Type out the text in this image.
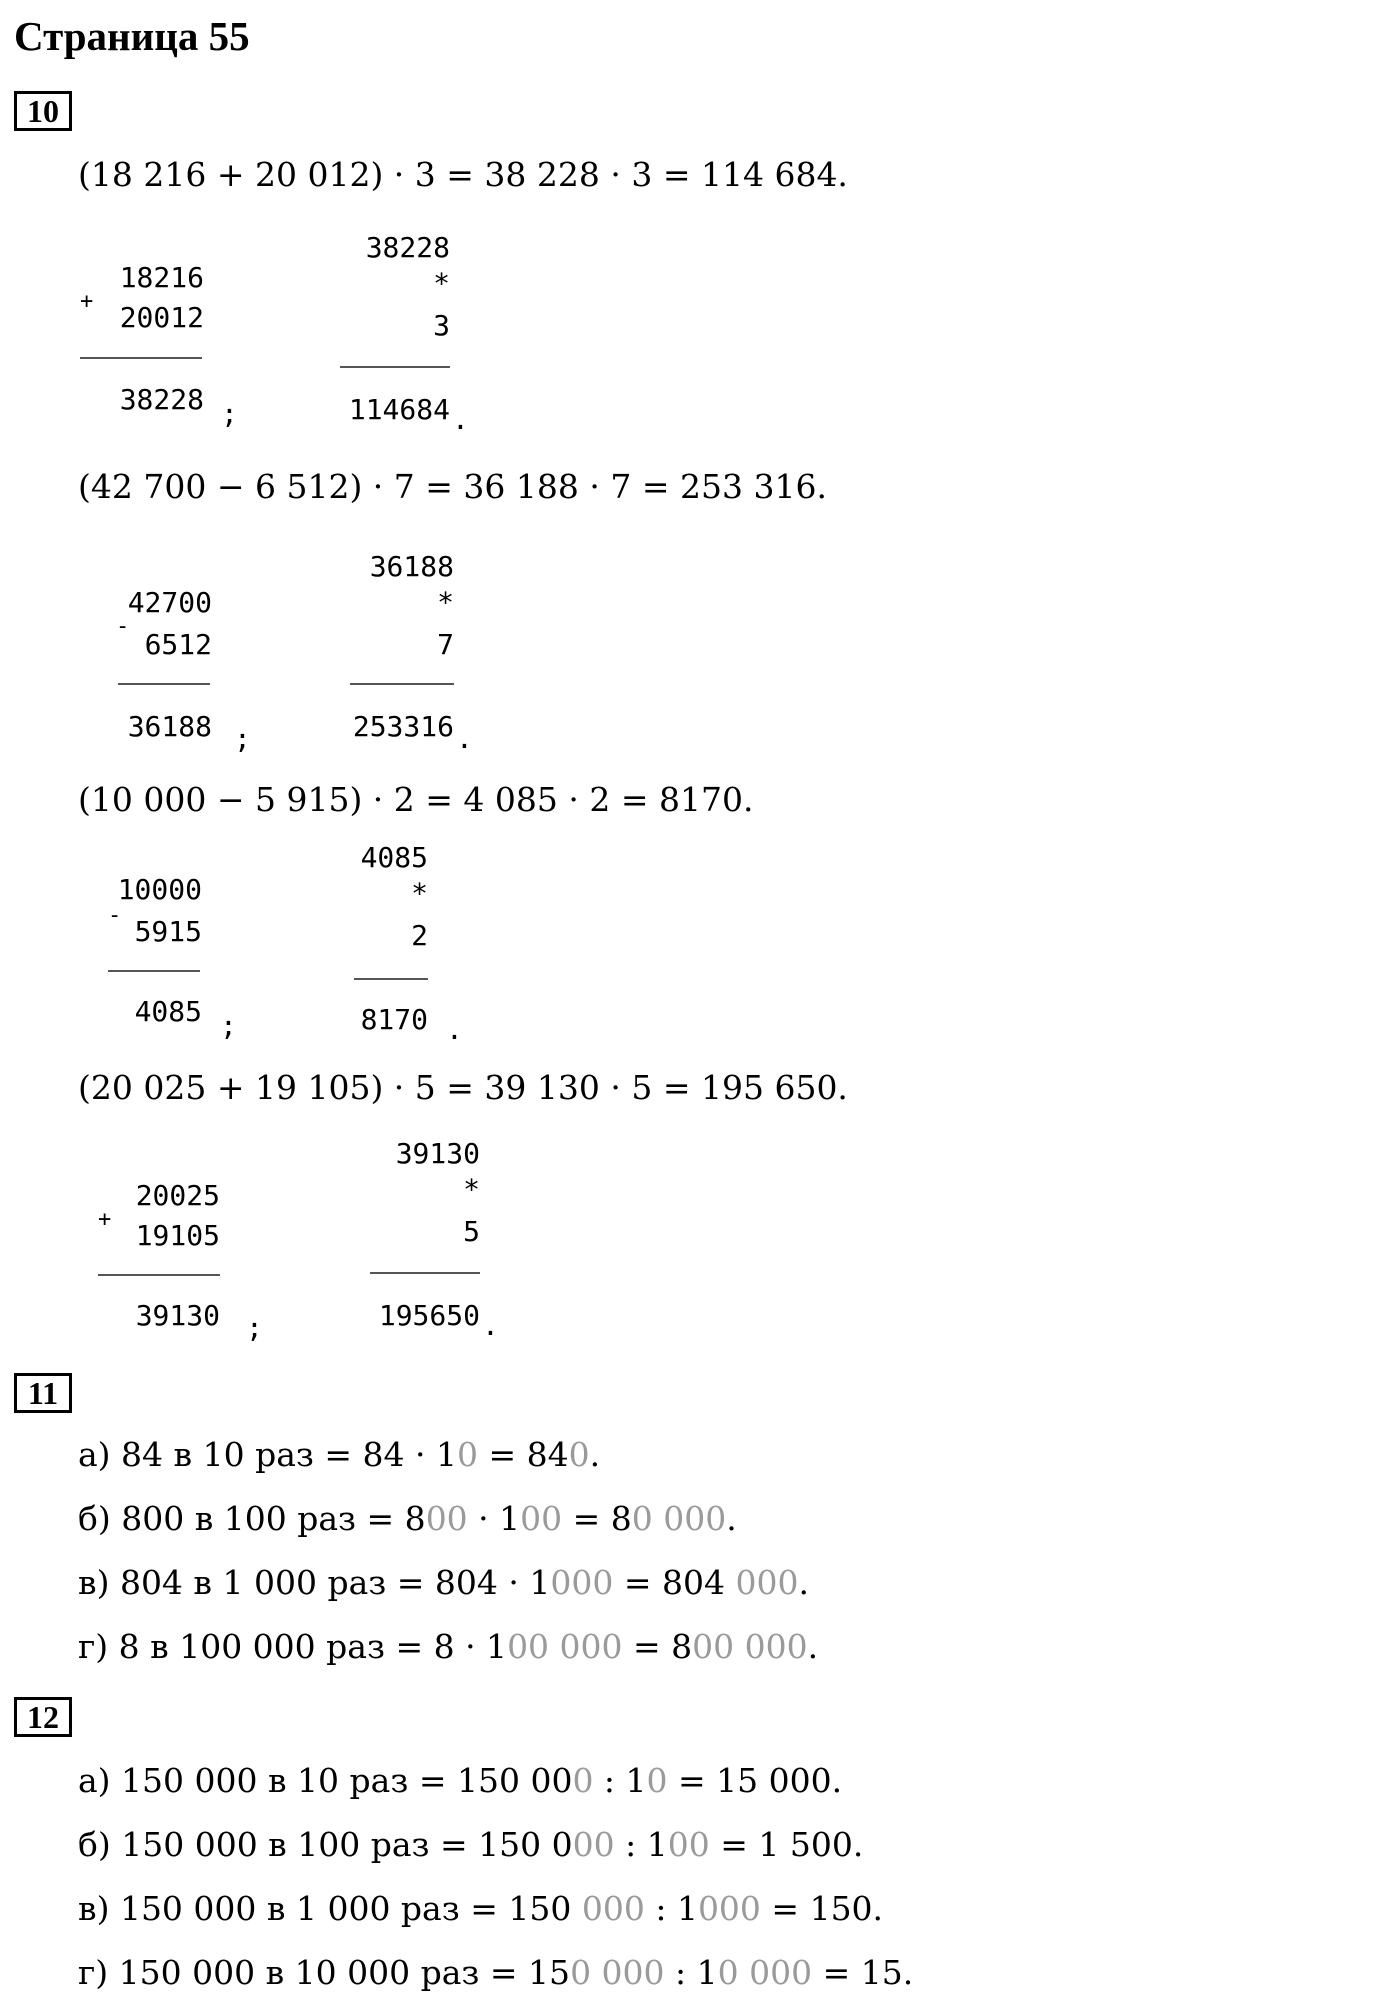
Страница 55
10
(18 216 + 20 012) · 3 = 38 228 · 3 = 114 684.
+
18216
20012
38228 ;
38228
*
3
114684 .
(42 700 − 6 512) · 7 = 36 188 · 7 = 253 316.
-
42700
6512
36188 ;
36188
*
7
253316 .
(10 000 − 5 915) · 2 = 4 085 · 2 = 8170.
-
10000
5915
4085 ;
4085
*
2
8170 .
(20 025 + 19 105) · 5 = 39 130 · 5 = 195 650.
+
20025
19105
39130 ;
39130
*
5
195650 .
11
а) 84 в 10 раз = 84 · 10 = 840.
б) 800 в 100 раз = 800 · 100 = 80 000.
в) 804 в 1 000 раз = 804 · 1000 = 804 000.
г) 8 в 100 000 раз = 8 · 100 000 = 800 000.
12
а) 150 000 в 10 раз = 150 000 : 10 = 15 000.
б) 150 000 в 100 раз = 150 000 : 100 = 1 500.
в) 150 000 в 1 000 раз = 150 000 : 1000 = 150.
г) 150 000 в 10 000 раз = 150 000 : 10 000 = 15.
